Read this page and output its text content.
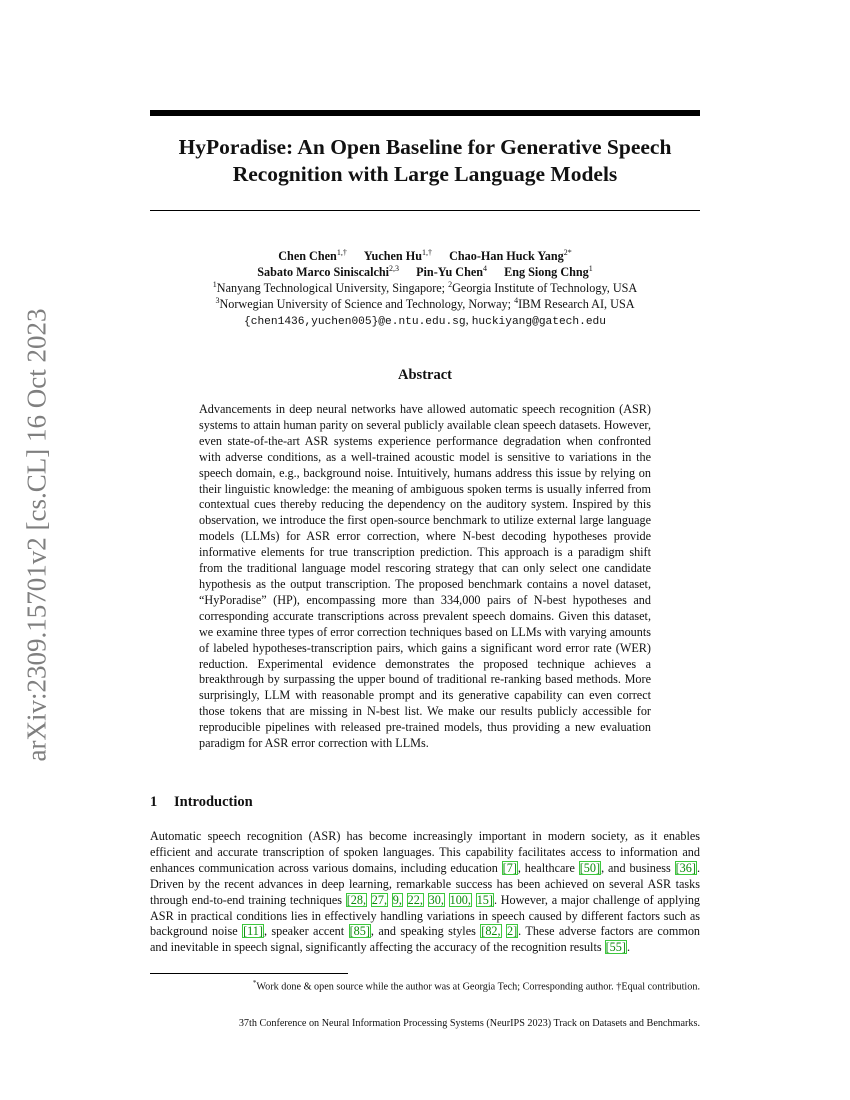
arXiv:2309.15701v2 [cs.CL] 16 Oct 2023
HyPoradise: An Open Baseline for Generative Speech
Recognition with Large Language Models
Chen Chen$^{1,\dagger}$ Yuchen $Hu^{1,\dagger}$ Chao-Han Huck Yang$^{2*}$
Sabato Marco Siniscalchi$^{2,3}$ Pin-Yu Chen$^4$ Eng Siong Chng$^1$
$^1$Nanyang Technological University, Singapore; $^2$Georgia Institute of Technology, USA
$^3$Norwegian University of Science and Technology, Norway; $^4$IBM Research AI, USA
{chen1436,yuchen005}@e.ntu.edu.sg, huckiyang@gatech.edu
Abstract
Advancements in deep neural networks have allowed automatic speech recognition (ASR) systems to attain human parity on several publicly available clean speech datasets. However, even state-of-the-art ASR systems experience performance degradation when confronted with adverse conditions, as a well-trained acoustic model is sensitive to variations in the speech domain, e.g., background noise. Intuitively, humans address this issue by relying on their linguistic knowledge: the meaning of ambiguous spoken terms is usually inferred from contextual cues thereby reducing the dependency on the auditory system. Inspired by this observation, we introduce the first open-source benchmark to utilize external large language models (LLMs) for ASR error correction, where N-best decoding hypotheses provide informative elements for true transcription prediction. This approach is a paradigm shift from the traditional language model rescoring strategy that can only select one candidate hypothesis as the output transcription. The proposed benchmark contains a novel dataset, “HyPoradise” (HP), encompassing more than 334,000 pairs of N-best hypotheses and corresponding accurate transcriptions across prevalent speech domains. Given this dataset, we examine three types of error correction techniques based on LLMs with varying amounts of labeled hypotheses-transcription pairs, which gains a significant word error rate (WER) reduction. Experimental evidence demonstrates the proposed technique achieves a breakthrough by surpassing the upper bound of traditional re-ranking based methods. More surprisingly, LLM with reasonable prompt and its generative capability can even correct those tokens that are missing in N-best list. We make our results publicly accessible for reproducible pipelines with released pre-trained models, thus providing a new evaluation paradigm for ASR error correction with LLMs.
1 Introduction
Automatic speech recognition (ASR) has become increasingly important in modern society, as it enables efficient and accurate transcription of spoken languages. This capability facilitates access to information and enhances communication across various domains, including education [7], healthcare [50], and business [36]. Driven by the recent advances in deep learning, remarkable success has been achieved on several ASR tasks through end-to-end training techniques [28, 27, 9, 22, 30, 100, 15]. However, a major challenge of applying ASR in practical conditions lies in effectively handling variations in speech caused by different factors such as background noise [11], speaker accent [85], and speaking styles [82, 2]. These adverse factors are common and inevitable in speech signal, significantly affecting the accuracy of the recognition results [55].
*Work done & open source while the author was at Georgia Tech; Corresponding author. †Equal contribution.
37th Conference on Neural Information Processing Systems (NeurIPS 2023) Track on Datasets and Benchmarks.
